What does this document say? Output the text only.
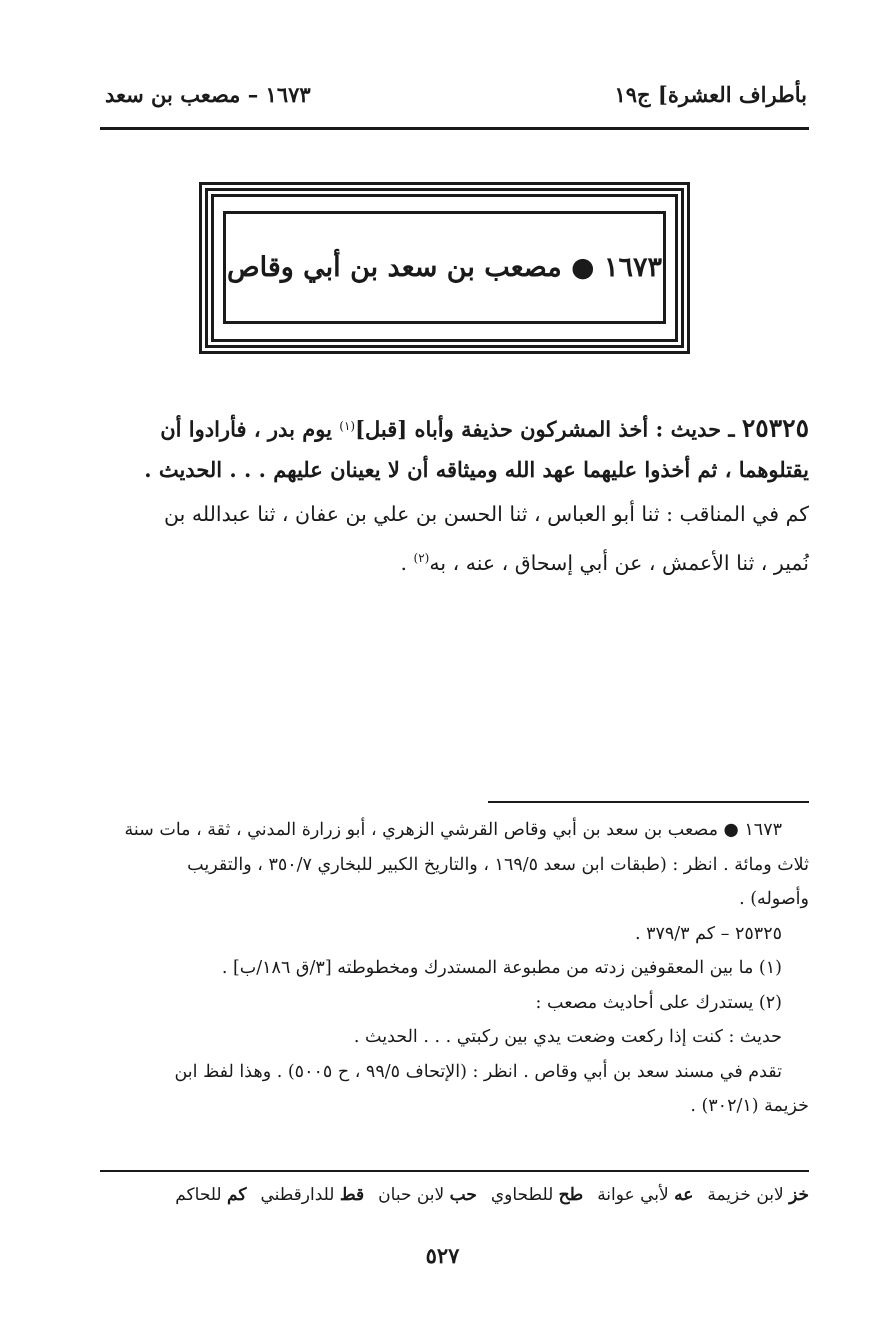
بأطراف العشرة] ج١٩
١٦٧٣ – مصعب بن سعد
١٦٧٣ ● مصعب بن سعد بن أبي وقاص
٢٥٣٢٥ ـ حديث : أخذ المشركون حذيفة وأباه [قبل]$^{(١)}$ يوم بدر ، فأرادوا أن
يقتلوهما ، ثم أخذوا عليهما عهد الله وميثاقه أن لا يعينان عليهم . . . الحديث .
كم في المناقب : ثنا أبو العباس ، ثنا الحسن بن علي بن عفان ، ثنا عبدالله بن
نُمير ، ثنا الأعمش ، عن أبي إسحاق ، عنه ، به$^{(٢)}$ .
١٦٧٣ ● مصعب بن سعد بن أبي وقاص القرشي الزهري ، أبو زرارة المدني ، ثقة ، مات سنة
ثلاث ومائة . انظر : (طبقات ابن سعد ١٦٩/٥ ، والتاريخ الكبير للبخاري ٣٥٠/٧ ، والتقريب
وأصوله) .
٢٥٣٢٥ – كم ٣٧٩/٣ .
(١) ما بين المعقوفين زدته من مطبوعة المستدرك ومخطوطته [٣/ق ١٨٦/ب] .
(٢) يستدرك على أحاديث مصعب :
حديث : كنت إذا ركعت وضعت يدي بين ركبتي . . . الحديث .
تقدم في مسند سعد بن أبي وقاص . انظر : (الإتحاف ٩٩/٥ ، ح ٥٠٠٥) . وهذا لفظ ابن
خزيمة (٣٠٢/١) .
خز لابن خزيمة
عه لأبي عوانة
طح للطحاوي
حب لابن حبان
قط للدارقطني
كم للحاكم
٥٢٧
